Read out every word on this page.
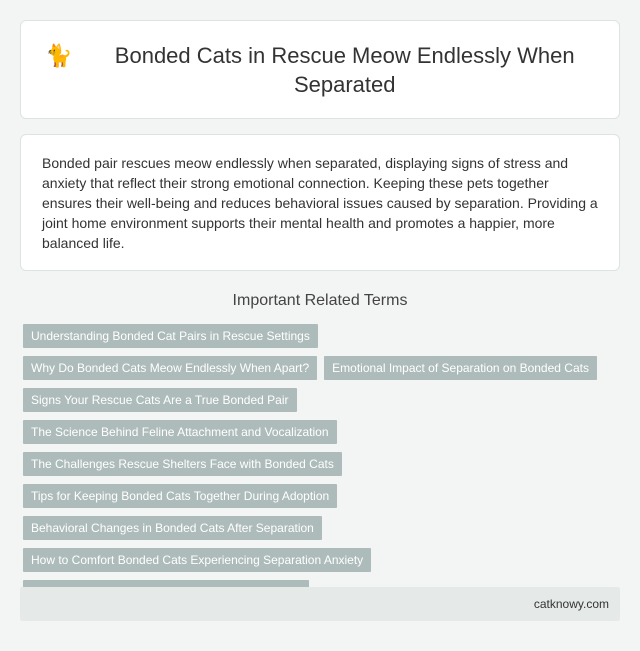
🐈	Bonded Cats in Rescue Meow Endlessly When Separated

Bonded pair rescues meow endlessly when separated, displaying signs of stress and anxiety that reflect their strong emotional connection. Keeping these pets together ensures their well-being and reduces behavioral issues caused by separation. Providing a joint home environment supports their mental health and promotes a happier, more balanced life.

Important Related Terms
Understanding Bonded Cat Pairs in Rescue Settings
Why Do Bonded Cats Meow Endlessly When Apart?	Emotional Impact of Separation on Bonded Cats
Signs Your Rescue Cats Are a True Bonded Pair
The Science Behind Feline Attachment and Vocalization
The Challenges Rescue Shelters Face with Bonded Cats
Tips for Keeping Bonded Cats Together During Adoption
Behavioral Changes in Bonded Cats After Separation
How to Comfort Bonded Cats Experiencing Separation Anxiety
catknowy.com
